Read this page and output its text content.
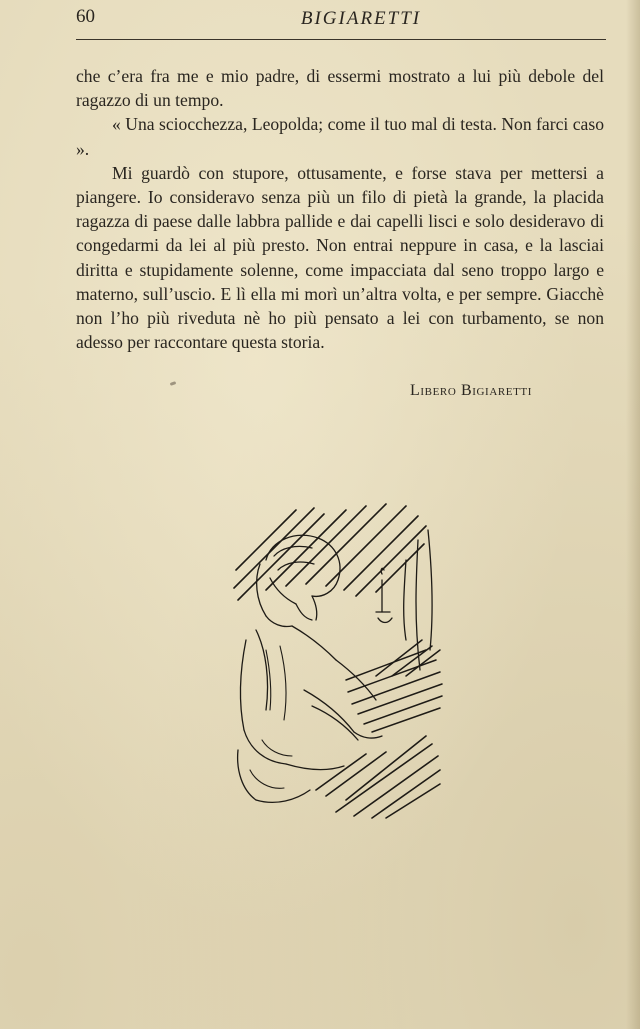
60	BIGIARETTI

che c’era fra me e mio padre, di essermi mostrato a lui più debole del ragazzo di un tempo.

« Una sciocchezza, Leopolda; come il tuo mal di testa. Non farci caso ».

Mi guardò con stupore, ottusamente, e forse stava per mettersi a piangere. Io consideravo senza più un filo di pietà la grande, la placida ragazza di paese dalle labbra pallide e dai capelli lisci e solo desideravo di congedarmi da lei al più presto. Non entrai neppure in casa, e la lasciai diritta e stupidamente solenne, come impacciata dal seno troppo largo e materno, sull’uscio. E lì ella mi morì un’altra volta, e per sempre. Giacchè non l’ho più riveduta nè ho più pensato a lei con turbamento, se non adesso per raccontare questa storia.

Libero Bigiaretti
